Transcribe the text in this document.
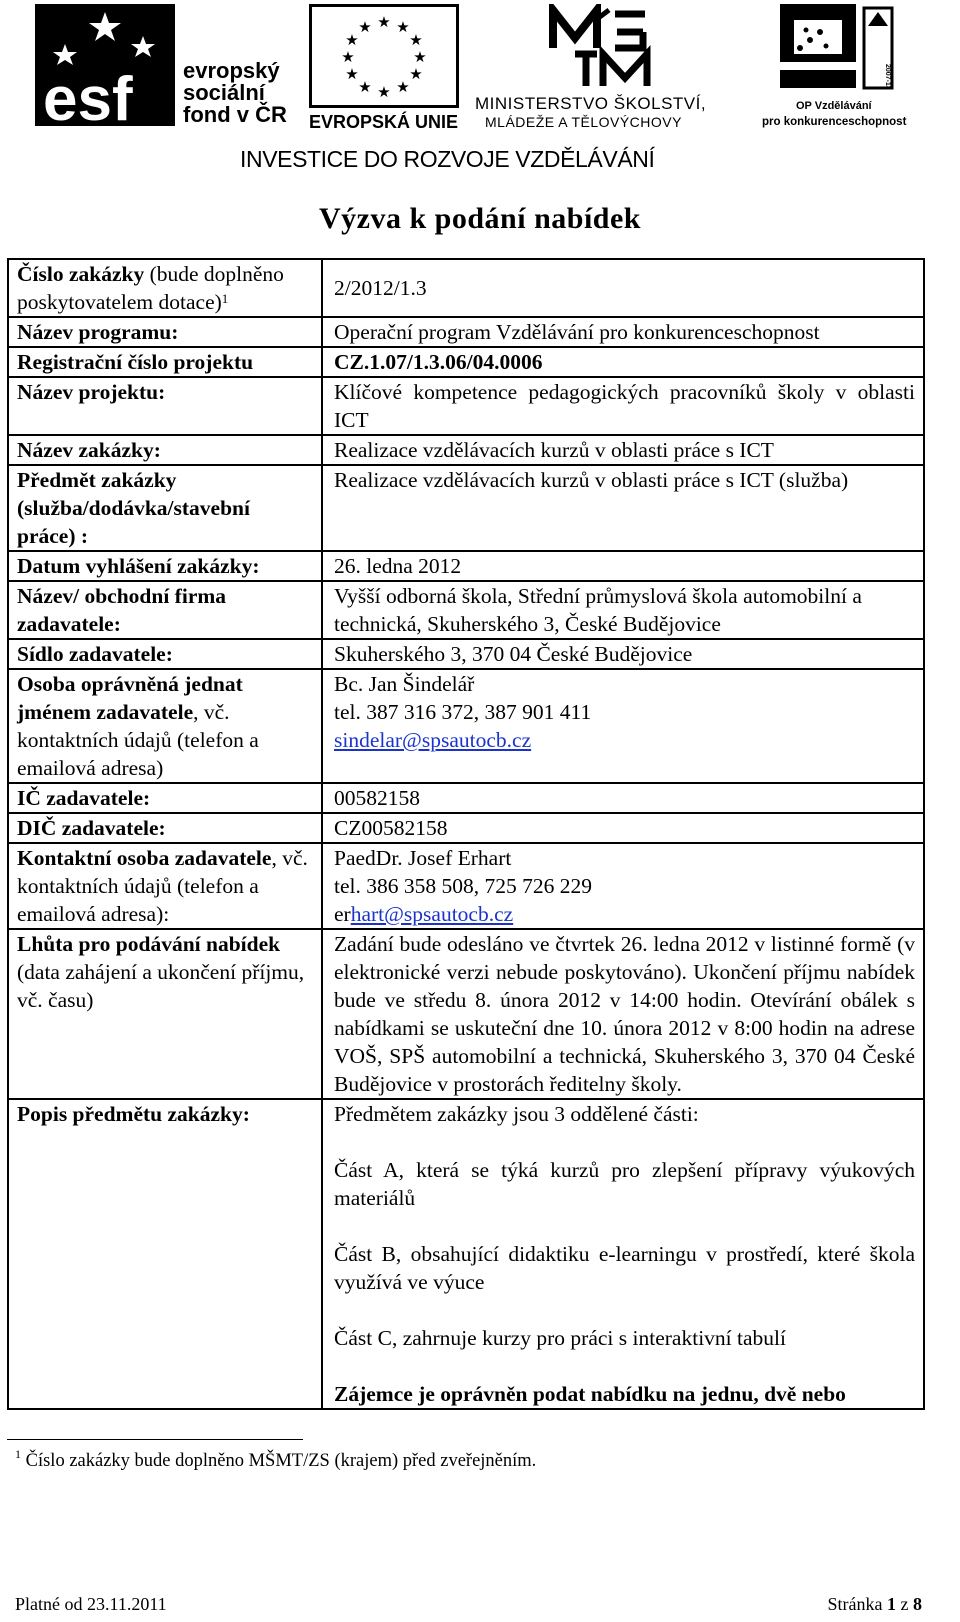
esf evropský
sociální
fond v ČR
★ ★
★
★
★
★
★
★
★
★
★
★
EVROPSKÁ UNIE
MINISTERSTVO ŠKOLSTVÍ,
MLÁDEŽE A TĚLOVÝCHOVY
2007-13
OP Vzdělávání
pro konkurenceschopnost
INVESTICE DO ROZVOJE VZDĚLÁVÁNÍ
Výzva k podání nabídek
Číslo zakázky (bude doplněno poskytovatelem dotace)$^1$	2/2012/1.3
Název programu:	Operační program Vzdělávání pro konkurenceschopnost
Registrační číslo projektu	CZ.1.07/1.3.06/04.0006
Název projektu:	Klíčové kompetence pedagogických pracovníků školy v oblasti ICT
Název zakázky:	Realizace vzdělávacích kurzů v oblasti práce s ICT
Předmět zakázky (služba/dodávka/stavební práce) :	Realizace vzdělávacích kurzů v oblasti práce s ICT (služba)
Datum vyhlášení zakázky:	26. ledna 2012
Název/ obchodní firma zadavatele:	Vyšší odborná škola, Střední průmyslová škola automobilní a technická, Skuherského 3, České Budějovice
Sídlo zadavatele:	Skuherského 3, 370 04 České Budějovice
Osoba oprávněná jednat jménem zadavatele, vč. kontaktních údajů (telefon a emailová adresa)	Bc. Jan Šindelář
tel. 387 316 372, 387 901 411
sindelar@spsautocb.cz

IČ zadavatele:	00582158
DIČ zadavatele:	CZ00582158
Kontaktní osoba zadavatele, vč. kontaktních údajů (telefon a emailová adresa):	PaedDr. Josef Erhart
tel. 386 358 508, 725 726 229
erhart@spsautocb.cz

Lhůta pro podávání nabídek (data zahájení a ukončení příjmu, vč. času)	Zadání bude odesláno ve čtvrtek 26. ledna 2012 v listinné formě (v elektronické verzi nebude poskytováno). Ukončení příjmu nabídek bude ve středu 8. února 2012 v 14:00 hodin. Otevírání obálek s nabídkami se uskuteční dne 10. února 2012 v 8:00 hodin na adrese VOŠ, SPŠ automobilní a technická, Skuherského 3, 370 04 České Budějovice v prostorách ředitelny školy.
Popis předmětu zakázky:	Předmětem zakázky jsou 3 oddělené části:
Část A, která se týká kurzů pro zlepšení přípravy výukových materiálů
Část B, obsahující didaktiku e-learningu v prostředí, které škola využívá ve výuce
Část C, zahrnuje kurzy pro práci s interaktivní tabulí
Zájemce je oprávněn podat nabídku na jednu, dvě nebo
$^1$ Číslo zakázky bude doplněno MŠMT/ZS (krajem) před zveřejněním.
Platné od 23.11.2011	Stránka 1 z 8
